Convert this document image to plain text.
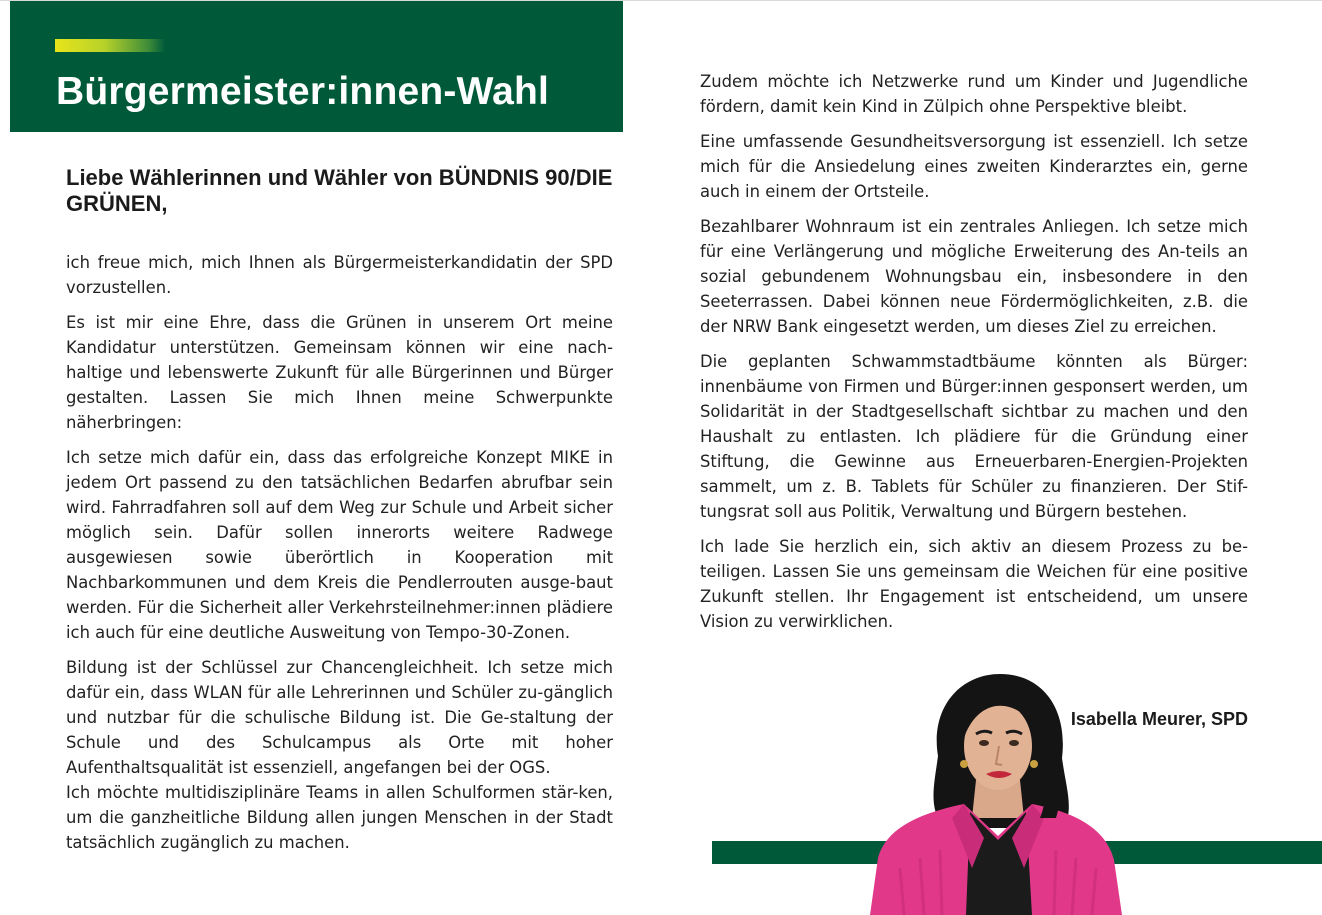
Bürgermeister:innen-Wahl
Liebe Wählerinnen und Wähler von BÜNDNIS 90/DIE GRÜNEN,

ich freue mich, mich Ihnen als Bürgermeisterkandidatin der SPD vorzustellen.

Es ist mir eine Ehre, dass die Grünen in unserem Ort meine Kandidatur unterstützen. Gemeinsam können wir eine nach-haltige und lebenswerte Zukunft für alle Bürgerinnen und Bürger gestalten. Lassen Sie mich Ihnen meine Schwerpunkte näherbringen:

Ich setze mich dafür ein, dass das erfolgreiche Konzept MIKE in jedem Ort passend zu den tatsächlichen Bedarfen abrufbar sein wird. Fahrradfahren soll auf dem Weg zur Schule und Arbeit sicher möglich sein. Dafür sollen innerorts weitere Radwege ausgewiesen sowie überörtlich in Kooperation mit Nachbarkommunen und dem Kreis die Pendlerrouten ausge-baut werden. Für die Sicherheit aller Verkehrsteilnehmer:innen plädiere ich auch für eine deutliche Ausweitung von Tempo-30-Zonen.

Bildung ist der Schlüssel zur Chancengleichheit. Ich setze mich dafür ein, dass WLAN für alle Lehrerinnen und Schüler zu-gänglich und nutzbar für die schulische Bildung ist. Die Ge-staltung der Schule und des Schulcampus als Orte mit hoher Aufenthaltsqualität ist essenziell, angefangen bei der OGS.

Ich möchte multidisziplinäre Teams in allen Schulformen stär-ken, um die ganzheitliche Bildung allen jungen Menschen in der Stadt tatsächlich zugänglich zu machen.

Zudem möchte ich Netzwerke rund um Kinder und Jugendliche fördern, damit kein Kind in Zülpich ohne Perspektive bleibt.

Eine umfassende Gesundheitsversorgung ist essenziell. Ich setze mich für die Ansiedelung eines zweiten Kinderarztes ein, gerne auch in einem der Ortsteile.

Bezahlbarer Wohnraum ist ein zentrales Anliegen. Ich setze mich für eine Verlängerung und mögliche Erweiterung des An-teils an sozial gebundenem Wohnungsbau ein, insbesondere in den Seeterrassen. Dabei können neue Fördermöglichkeiten, z.B. die der NRW Bank eingesetzt werden, um dieses Ziel zu erreichen.

Die geplanten Schwammstadtbäume könnten als Bürger: innenbäume von Firmen und Bürger:innen gesponsert werden, um Solidarität in der Stadtgesellschaft sichtbar zu machen und den Haushalt zu entlasten. Ich plädiere für die Gründung einer Stiftung, die Gewinne aus Erneuerbaren-Energien-Projekten sammelt, um z. B. Tablets für Schüler zu finanzieren. Der Stif-tungsrat soll aus Politik, Verwaltung und Bürgern bestehen.

Ich lade Sie herzlich ein, sich aktiv an diesem Prozess zu be-teiligen. Lassen Sie uns gemeinsam die Weichen für eine positive Zukunft stellen. Ihr Engagement ist entscheidend, um unsere Vision zu verwirklichen.

Isabella Meurer, SPD
